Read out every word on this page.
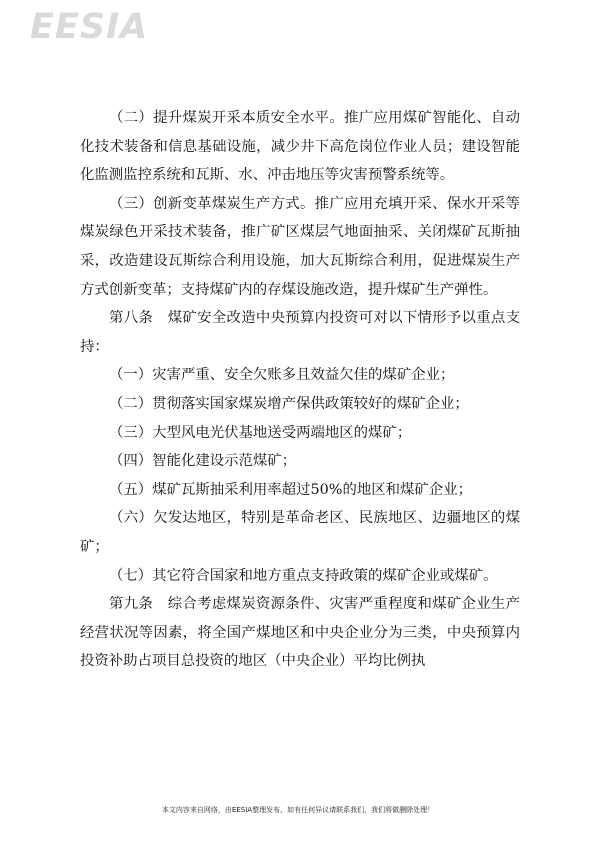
EESIA

（二）提升煤炭开采本质安全水平。推广应用煤矿智能化、自动化技术装备和信息基础设施，减少井下高危岗位作业人员；建设智能化监测监控系统和瓦斯、水、冲击地压等灾害预警系统等。

（三）创新变革煤炭生产方式。推广应用充填开采、保水开采等煤炭绿色开采技术装备，推广矿区煤层气地面抽采、关闭煤矿瓦斯抽采，改造建设瓦斯综合利用设施，加大瓦斯综合利用，促进煤炭生产方式创新变革；支持煤矿内的存煤设施改造，提升煤矿生产弹性。

第八条　煤矿安全改造中央预算内投资可对以下情形予以重点支持：

（一）灾害严重、安全欠账多且效益欠佳的煤矿企业；

（二）贯彻落实国家煤炭增产保供政策较好的煤矿企业；

（三）大型风电光伏基地送受两端地区的煤矿；

（四）智能化建设示范煤矿；

（五）煤矿瓦斯抽采利用率超过50%的地区和煤矿企业；

（六）欠发达地区，特别是革命老区、民族地区、边疆地区的煤矿；

（七）其它符合国家和地方重点支持政策的煤矿企业或煤矿。

第九条　综合考虑煤炭资源条件、灾害严重程度和煤矿企业生产经营状况等因素，将全国产煤地区和中央企业分为三类，中央预算内投资补助占项目总投资的地区（中央企业）平均比例执

本文内容来自网络，由EESIA整理发布，如有任何异议请联系我们，我们将做删除处理！
